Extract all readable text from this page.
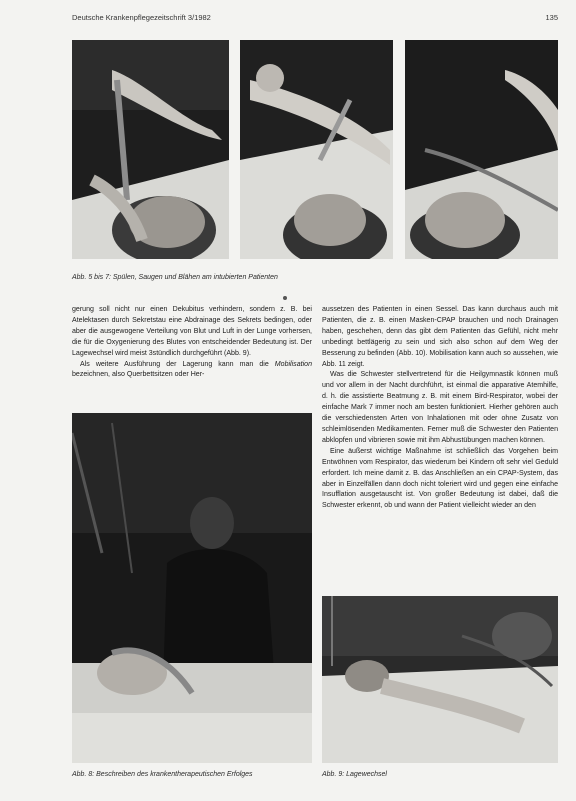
Deutsche Krankenpflegezeitschrift 3/1982	135
Abb. 5 bis 7: Spülen, Saugen und Blähen am intubierten Patienten

gerung soll nicht nur einen Dekubitus verhindern, sondern z. B. bei Atelektasen durch Sekretstau eine Abdrainage des Sekrets bedingen, oder aber die ausgewogene Verteilung von Blut und Luft in der Lunge vorhersen, die für die Oxygenierung des Blutes von entscheidender Bedeutung ist. Der Lagewechsel wird meist 3stündlich durchgeführt (Abb. 9).

Als weitere Ausführung der Lagerung kann man die Mobilisation bezeichnen, also Querbettsitzen oder Her-

Abb. 8: Beschreiben des krankentherapeutischen Erfolges

aussetzen des Patienten in einen Sessel. Das kann durchaus auch mit Patienten, die z. B. einen Masken-CPAP brauchen und noch Drainagen haben, geschehen, denn das gibt dem Patienten das Gefühl, nicht mehr unbedingt bettlägerig zu sein und sich also schon auf dem Weg der Besserung zu befinden (Abb. 10). Mobilisation kann auch so aussehen, wie Abb. 11 zeigt.

Was die Schwester stellvertretend für die Heilgymnastik können muß und vor allem in der Nacht durchführt, ist einmal die apparative Atemhilfe, d. h. die assistierte Beatmung z. B. mit einem Bird-Respirator, wobei der einfache Mark 7 immer noch am besten funktioniert. Hierher gehören auch die verschiedensten Arten von Inhalationen mit oder ohne Zusatz von schleimlösenden Medikamenten. Ferner muß die Schwester den Patienten abklopfen und vibrieren sowie mit ihm Abhustübungen machen können.

Eine äußerst wichtige Maßnahme ist schließlich das Vorgehen beim Entwöhnen vom Respirator, das wiederum bei Kindern oft sehr viel Geduld erfordert. Ich meine damit z. B. das Anschließen an ein CPAP-System, das aber in Einzelfällen dann doch nicht toleriert wird und gegen eine einfache Insufflation ausgetauscht ist. Von großer Bedeutung ist dabei, daß die Schwester erkennt, ob und wann der Patient vielleicht wieder an den

Abb. 9: Lagewechsel
